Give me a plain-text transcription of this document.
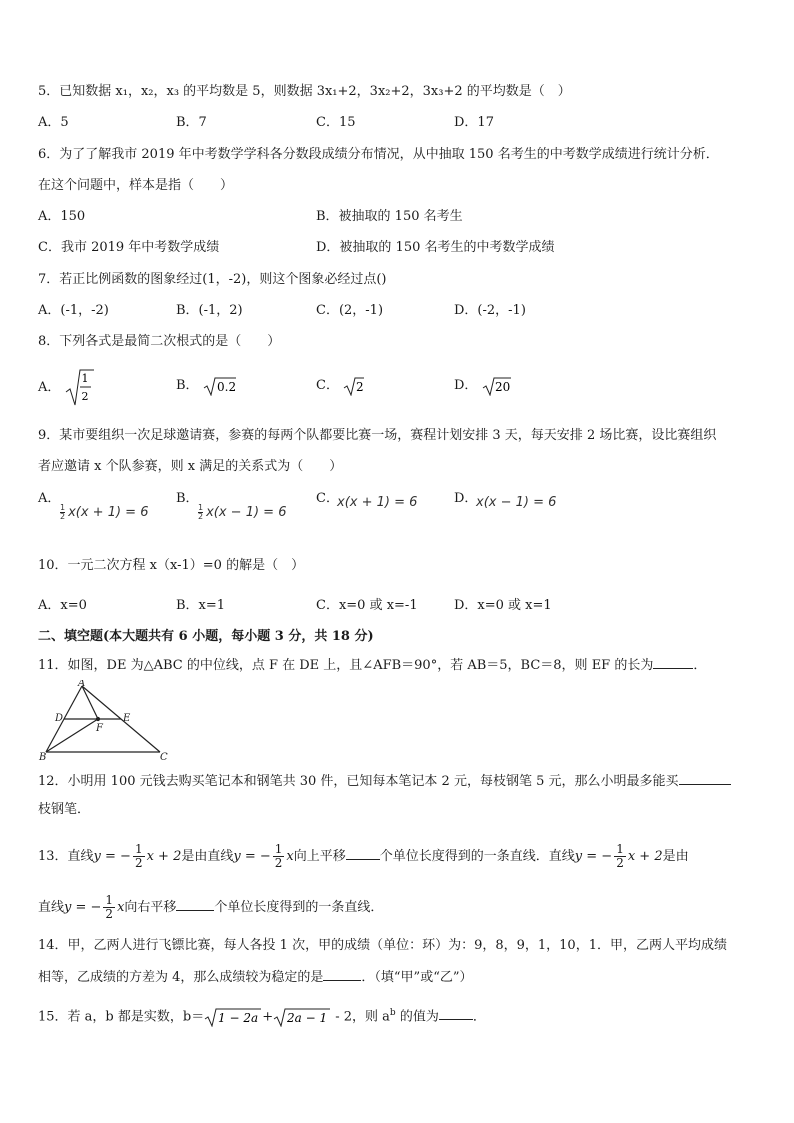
5．已知数据 x₁，x₂，x₃ 的平均数是 5，则数据 3x₁+2，3x₂+2，3x₃+2 的平均数是（　）
A．5	B．7	C．15	D．17
6．为了了解我市 2019 年中考数学学科各分数段成绩分布情况，从中抽取 150 名考生的中考数学成绩进行统计分析．
在这个问题中，样本是指（　　）
A．150	B．被抽取的 150 名考生
C．我市 2019 年中考数学成绩	D．被抽取的 150 名考生的中考数学成绩
7．若正比例函数的图象经过(1，-2)，则这个图象必经过点()
A．(-1，-2)	B．(-1，2)	C．(2，-1)	D．(-2，-1)
8．下列各式是最简二次根式的是（　　）
A．
1
2
B． 0.2	C． 2	D． 20
9．某市要组织一次足球邀请赛，参赛的每两个队都要比赛一场，赛程计划安排 3 天，每天安排 2 场比赛，设比赛组织
者应邀请 x 个队参赛，则 x 满足的关系式为（　　）
A．
$\frac{1}{2} x(x + 1) = 6$
B．
$\frac{1}{2} x(x - 1) = 6$
C．
x(x + 1) = 6	D．
x(x − 1) = 6
10．一元二次方程 x（x-1）=0 的解是（　）
A．x=0	B．x=1	C．x=0 或 x=-1	D．x=0 或 x=1
二、填空题(本大题共有 6 小题，每小题 3 分，共 18 分)
11．如图，DE 为△ABC 的中位线，点 F 在 DE 上，且∠AFB＝90°，若 AB＝5，BC＝8，则 EF 的长为	．
A
B	C
D	E
F
12．小明用 100 元钱去购买笔记本和钢笔共 30 件，已知每本笔记本 2 元，每枝钢笔 5 元，那么小明最多能买
枝钢笔．
13．直线y = − $\frac{1}{2}$ x + 2是由直线y = − $\frac{1}{2}$ x向上平移	个单位长度得到的一条直线．直线y = − $\frac{1}{2}$ x + 2是由
直线y = − $\frac{1}{2}$ x向右平移	个单位长度得到的一条直线．
14．甲，乙两人进行飞镖比赛，每人各投 1 次，甲的成绩（单位：环）为：9，8，9，1，10，1．甲，乙两人平均成绩
相等，乙成绩的方差为 4，那么成绩较为稳定的是	．（填“甲”或“乙”）
15．若 a，b 都是实数，b＝ 1 − 2a + 2a − 1 - 2，则 $a^b$ 的值为	．
